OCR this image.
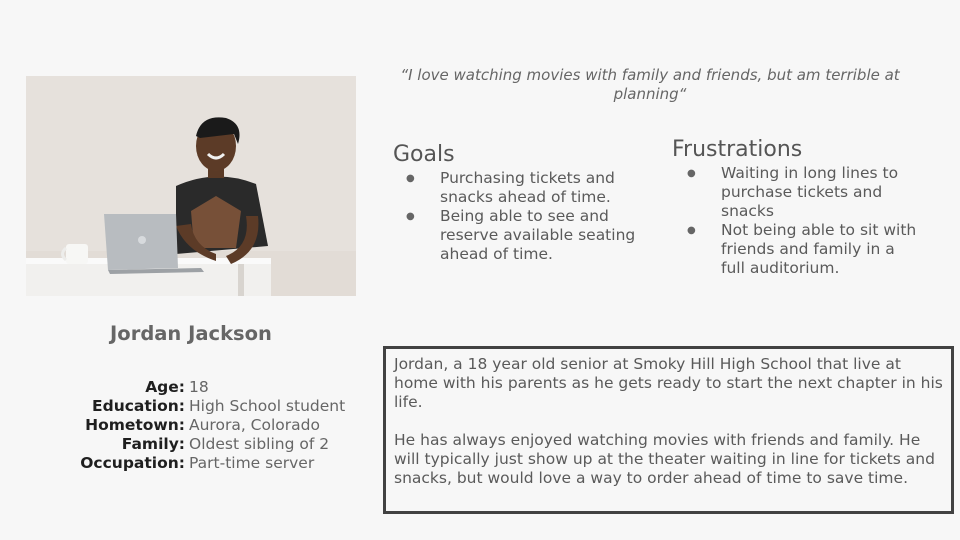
“I love watching movies with family and friends, but am terrible at planning“
Goals
● Purchasing tickets and snacks ahead of time.
● Being able to see and reserve available seating ahead of time.
Frustrations
● Waiting in long lines to purchase tickets and snacks
● Not being able to sit with friends and family in a full auditorium.
Jordan Jackson
Age: 18
Education: High School student
Hometown: Aurora, Colorado
Family: Oldest sibling of 2
Occupation: Part-time server

Jordan, a 18 year old senior at Smoky Hill High School that live at home with his parents as he gets ready to start the next chapter in his life.

He has always enjoyed watching movies with friends and family. He will typically just show up at the theater waiting in line for tickets and snacks, but would love a way to order ahead of time to save time.
